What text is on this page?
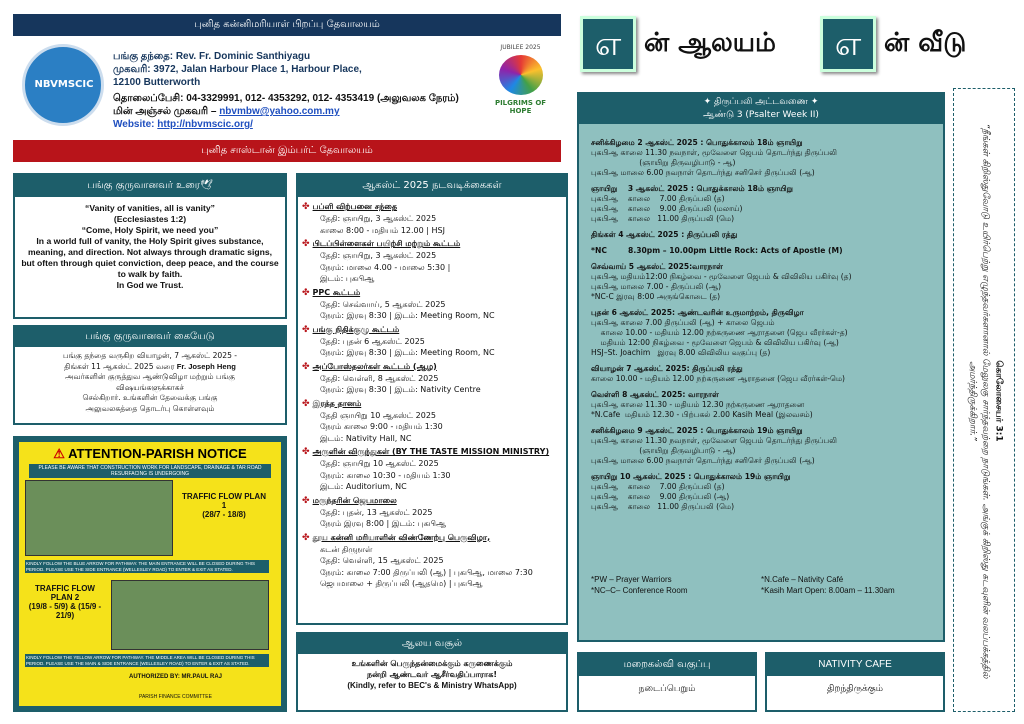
புனித கன்னிமரியாள் பிறப்பு தேவாலயம்
NBVMSCIC
பங்கு தந்தை: Rev. Fr. Dominic Santhiyagu
முகவரி: 3972, Jalan Harbour Place 1, Harbour Place,
12100 Butterworth
தொலைப்பேசி: 04-3329991, 012- 4353292, 012- 4353419 (அலுவலக நேரம்)
மின் அஞ்சல் முகவரி – nbvmbw@yahoo.com.my
Website: http://nbvmscic.org/
JUBILEE 2025
PILGRIMS OF HOPE
புனித சாஸ்டான் இம்பர்ட் தேவாலயம்
எ ன் ஆலயம்	எ ன் வீடு
பங்கு குருவானவர் உரை🕊
“Vanity of vanities, all is vanity”
(Ecclesiastes 1:2)
“Come, Holy Spirit, we need you”
In a world full of vanity, the Holy Spirit gives substance, meaning, and direction. Not always through dramatic signs, but often through quiet conviction, deep peace, and the course to walk by faith.
In God we Trust.
பங்கு குருவானவர் கையேடு
பங்கு தந்தை வருகிற வியாழன், 7 ஆகஸ்ட் 2025 -
திங்கள் 11 ஆகஸ்ட் 2025 வரை Fr. Joseph Heng
அவர்களின் குருத்துவ ஆண்டுவிழா மற்றும் பங்கு
விஷயங்களுக்காகச்
செல்கிறார். உங்களின் தேவைக்கு பங்கு
அலுவலகத்தை தொடர்பு கொள்ளவும்
⚠ ATTENTION-PARISH NOTICE
PLEASE BE AWARE THAT CONSTRUCTION WORK FOR LANDSCAPE, DRAINAGE & TAR ROAD RESURFACING IS UNDERGOING
TRAFFIC FLOW PLAN 1
(28/7 - 18/8)
KINDLY FOLLOW THE BLUE ARROW FOR PATHWAY. THE MAIN ENTRANCE WILL BE CLOSED DURING THIS PERIOD. PLEASE USE THE SIDE ENTRANCE (WELLESLEY ROAD) TO ENTER & EXIT AS STATED.
TRAFFIC FLOW PLAN 2
(19/8 - 5/9) & (15/9 - 21/9)
KINDLY FOLLOW THE YELLOW ARROW FOR PATHWAY. THE MIDDLE AREA WILL BE CLOSED DURING THIS PERIOD. PLEASE USE THE MAIN & SIDE ENTRANCE (WELLESLEY ROAD) TO ENTER & EXIT AS STATED.
AUTHORIZED BY: MR.PAUL RAJ
PARISH FINANCE COMMITTEE
ஆகஸ்ட் 2025 நடவடிக்கைகள்
✤ பப்ளி விற்பனை சந்தை
தேதி: ஞாயிறு, 3 ஆகஸ்ட் 2025
காலை 8:00 - மதியம் 12.00 | HSJ
✤ பிடப்பிள்ளைகள் பயிற்சி மற்றும் கூட்டம்
தேதி: ஞாயிறு, 3 ஆகஸ்ட் 2025
நேரம்: மாலை 4.00 - மாலை 5:30 |
இடம்: புகபிஆ
✤ PPC கூட்டம்
தேதி: செவ்வாய், 5 ஆகஸ்ட் 2025
நேரம்: இரவு 8:30 | இடம்: Meeting Room, NC
✤ பங்கு நிதிக்குழு கூட்டம்
தேதி: புதன் 6 ஆகஸ்ட் 2025
நேரம்: இரவு 8:30 | இடம்: Meeting Room, NC
✤ அப்போஸ்தலர்கள் கூட்டம் (ஆழ)
தேதி: வெள்ளி, 8 ஆகஸ்ட் 2025
நேரம்: இரவு 8:30 | இடம்: Nativity Centre
✤ இரத்த தானம்
தேதி ஞாயிறு 10 ஆகஸ்ட் 2025
நேரம் காலை 9:00 - மதியம் 1:30
இடம்: Nativity Hall, NC
✤ அருளின் விருந்துகள் (BY THE TASTE MISSION MINISTRY)
தேதி: ஞாயிறு 10 ஆகஸ்ட் 2025
நேரம்: காலை 10:30 - மதியம் 1:30
இடம்: Auditorium, NC
✤ மருந்தரின் ஜெபமாலை
தேதி: புதன், 13 ஆகஸ்ட் 2025
நேரம் இரவு 8:00 | இடம்: புகபிஆ
✤ தூய கன்னி மரியாளின் விண்ணேற்பு பெருவிழா,
கடன் திருநாள்
தேதி: வெள்ளி, 15 ஆகஸ்ட் 2025
நேரம்: காலை 7:00 திருப்பலி (ஆ) | புகபிஆ, மாலை 7:30 ஜெபமாலை + திருப்பலி (ஆதமெ) | புகபிஆ
ஆலய வசூல்
உங்களின் பெருந்தன்மைக்கும் கருணைக்கும்
நன்றி ஆண்டவர் ஆசீர்வதிப்பாராக!
(Kindly, refer to BEC's & Ministry WhatsApp)
✦ திருப்பலி அட்டவணை ✦
ஆண்டு 3 (Psalter Week II)

சனிக்கிழமை 2 ஆகஸ்ட் 2025 : பொதுக்காலம் 18ம் ஞாயிறு

புகபிஆ காலை 11.30 நவநாள், மூவேளை ஜெபம் தொடர்ந்து திருப்பலி

(ஞாயிறு திருவழிபாடு - ஆ)

புகபிஆ மாலை 6.00 நவநாள் தொடர்ந்து சனிசெர் திருப்பலி (ஆ)

ஞாயிறு    3 ஆகஸ்ட் 2025 : பொதுக்காலம் 18ம் ஞாயிறு

புகபிஆ    காலை    7.00 திருப்பலி (த)

புகபிஆ    காலை    9.00 திருப்பலி (மலாய்)

புகபிஆ    காலை   11.00 திருப்பலி (மெ)

திங்கள் 4 ஆகஸ்ட் 2025 : திருப்பலி ரத்து

*NC        8.30pm – 10.00pm Little Rock: Acts of Apostle (M)

செவ்வாய் 5 ஆகஸ்ட் 2025:வாரநாள்

புகபிஆ மதியம்12:00 நிகழ்வை - மூவேளை ஜெபம் & விவிலிய பகிர்வு (த)

புகபிஆ மாலை 7.00 - திருப்பலி (ஆ)

*NC-C இரவு 8:00 அருங்கொடை (த)

புதன் 6 ஆகஸ்ட் 2025: ஆண்டவரின் உருமாற்றம், திருவிழா

புகபிஆ காலை 7.00 திருப்பலி (ஆ) + காலை ஜெபம்

காலை 10.00 - மதியம் 12.00 நற்கருணை ஆராதனை (ஜெப வீரர்கள்-த)

மதியம் 12:00 நிகழ்வை - மூவேளை ஜெபம் & விவிலிய பகிர்வு (ஆ)

HSJ–St. Joachim   இரவு 8.00 விவிலிய வகுப்பு (த)

வியாழன் 7 ஆகஸ்ட் 2025: திருப்பலி ரத்து

காலை 10.00 - மதியம் 12.00 நற்கருணை ஆராதனை (ஜெப வீரர்கள்-மெ)

வெள்ளி 8 ஆகஸ்ட் 2025: வாரநாள்

புகபிஆ காலை 11.30 - மதியம் 12.30 நற்கருணை ஆராதனை

*N.Cafe  மதியம் 12.30 - பிற்பகல் 2.00 Kasih Meal (இலவசம்)

சனிக்கிழமை 9 ஆகஸ்ட் 2025 : பொதுக்காலம் 19ம் ஞாயிறு

புகபிஆ காலை 11.30 நவநாள், மூவேளை ஜெபம் தொடர்ந்து திருப்பலி

(ஞாயிறு திருவழிபாடு - ஆ)

புகபிஆ மாலை 6.00 நவநாள் தொடர்ந்து சனிசெர் திருப்பலி (ஆ)

ஞாயிறு 10 ஆகஸ்ட் 2025 : பொதுக்காலம் 19ம் ஞாயிறு

புகபிஆ    காலை    7.00 திருப்பலி (த)

புகபிஆ    காலை    9.00 திருப்பலி (ஆ)

புகபிஆ    காலை   11.00 திருப்பலி (மெ)

*PW – Prayer Warriors	*N.Cafe – Nativity Café
*NC–C– Conference Room	*Kasih Mart Open: 8.00am – 11.30am
மறைகல்வி வகுப்பு
நடைப்பெறும்
NATIVITY CAFE
திறந்திருக்கும்
கொலோசையர் 3:1
“நீங்கள் கிறிஸ்துவோடு உயிர்பெற்று எழுந்தவர்களானால் மேலுலகு சார்ந்தவற்றை நாடுங்கள். அங்குக் கிறிஸ்து கடவுளின் வலப்பக்கத்தில் அமர்ந்திருக்கிறார்.”
